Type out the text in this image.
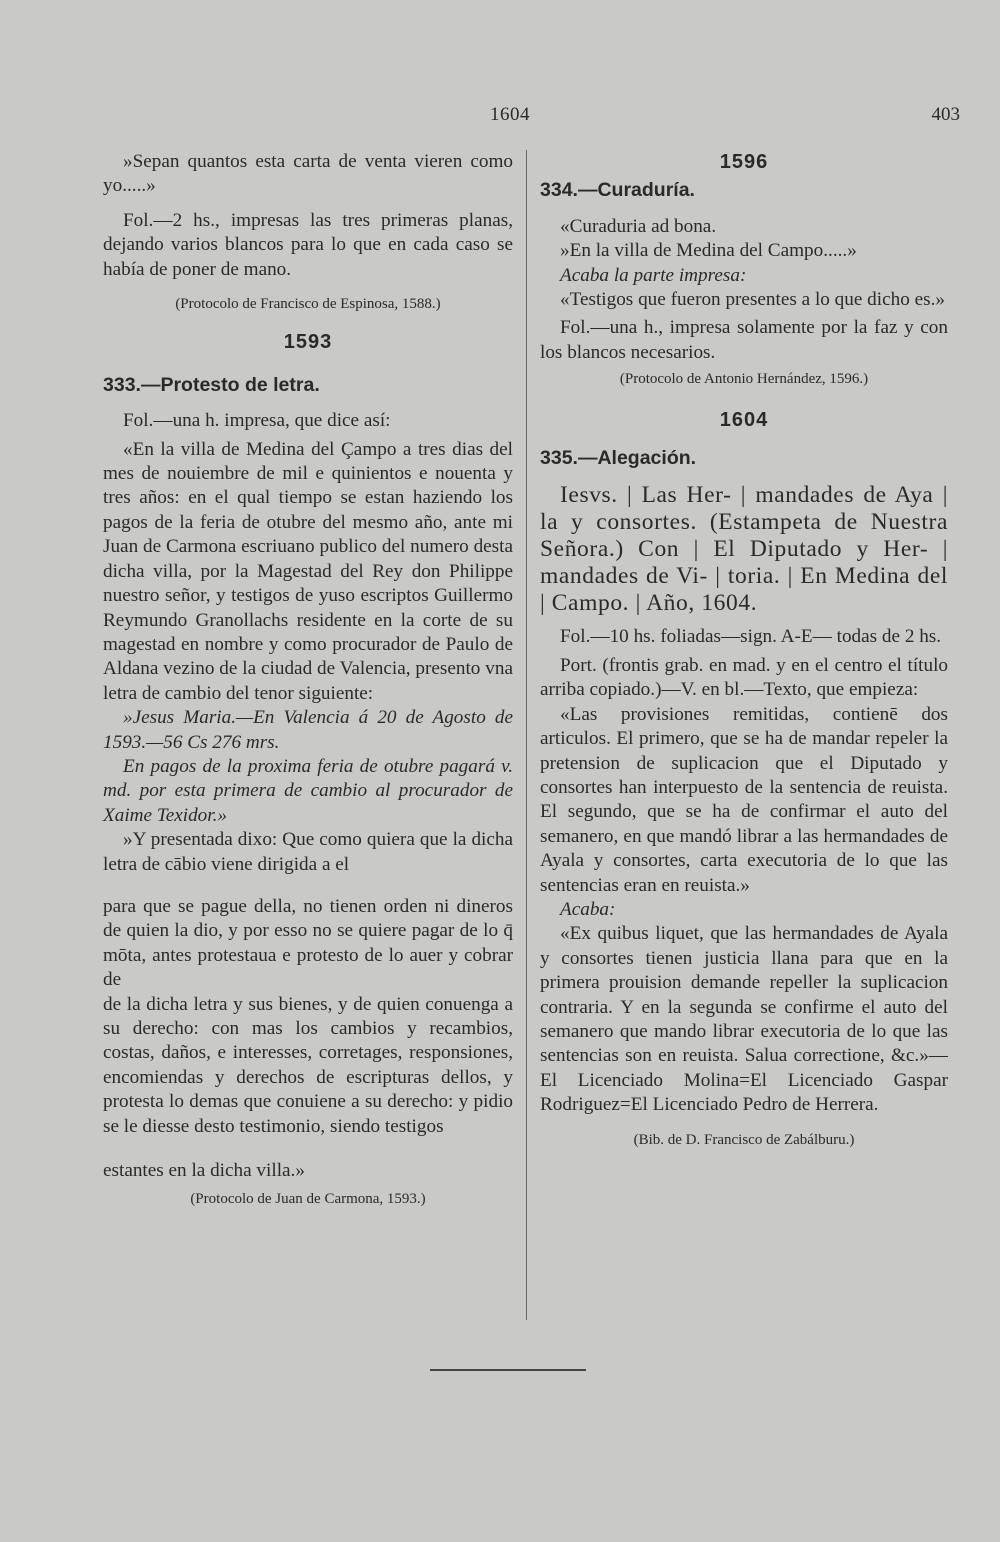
1604	403

»Sepan quantos esta carta de venta vieren como yo.....»

Fol.—2 hs., impresas las tres primeras planas, dejando varios blancos para lo que en cada caso se había de poner de mano.

(Protocolo de Francisco de Espinosa, 1588.)

1593

333.—Protesto de letra.

Fol.—una h. impresa, que dice así:

«En la villa de Medina del Çampo a tres dias del mes de nouiembre de mil e quinientos e nouenta y tres años: en el qual tiempo se estan haziendo los pagos de la feria de otubre del mesmo año, ante mi Juan de Carmona escriuano publico del numero desta dicha villa, por la Magestad del Rey don Philippe nuestro señor, y testigos de yuso escriptos Guillermo Reymundo Granollachs residente en la corte de su magestad en nombre y como procurador de Paulo de Aldana vezino de la ciudad de Valencia, presento vna letra de cambio del tenor siguiente:

»Jesus Maria.—En Valencia á 20 de Agosto de 1593.—56 Cs 276 mrs.

En pagos de la proxima feria de otubre pagará v. md. por esta primera de cambio al procurador de Xaime Texidor.»

»Y presentada dixo: Que como quiera que la dicha letra de cābio viene dirigida a el

para que se pague della, no tienen orden ni dineros de quien la dio, y por esso no se quiere pagar de lo q̄ mōta, antes protestaua e protesto de lo auer y cobrar de

de la dicha letra y sus bienes, y de quien conuenga a su derecho: con mas los cambios y recambios, costas, daños, e interesses, corretages, responsiones, encomiendas y derechos de escripturas dellos, y protesta lo demas que conuiene a su derecho: y pidio se le diesse desto testimonio, siendo testigos

estantes en la dicha villa.»

(Protocolo de Juan de Carmona, 1593.)

1596

334.—Curaduría.

«Curaduria ad bona.

»En la villa de Medina del Campo.....»

Acaba la parte impresa:

«Testigos que fueron presentes a lo que dicho es.»

Fol.—una h., impresa solamente por la faz y con los blancos necesarios.

(Protocolo de Antonio Hernández, 1596.)

1604

335.—Alegación.

Iesvs. | Las Her- | mandades de Aya | la y consortes. (Estampeta de Nuestra Señora.) Con | El Diputado y Her- | mandades de Vi- | toria. | En Medina del | Campo. | Año, 1604.

Fol.—10 hs. foliadas—sign. A-E— todas de 2 hs.

Port. (frontis grab. en mad. y en el centro el título arriba copiado.)—V. en bl.—Texto, que empieza:

«Las provisiones remitidas, contienē dos articulos. El primero, que se ha de mandar repeler la pretension de suplicacion que el Diputado y consortes han interpuesto de la sentencia de reuista. El segundo, que se ha de confirmar el auto del semanero, en que mandó librar a las hermandades de Ayala y consortes, carta executoria de lo que las sentencias eran en reuista.»

Acaba:

«Ex quibus liquet, que las hermandades de Ayala y consortes tienen justicia llana para que en la primera prouision demande repeller la suplicacion contraria. Y en la segunda se confirme el auto del semanero que mando librar executoria de lo que las sentencias son en reuista. Salua correctione, &c.»—El Licenciado Molina=El Licenciado Gaspar Rodriguez=El Licenciado Pedro de Herrera.

(Bib. de D. Francisco de Zabálburu.)
